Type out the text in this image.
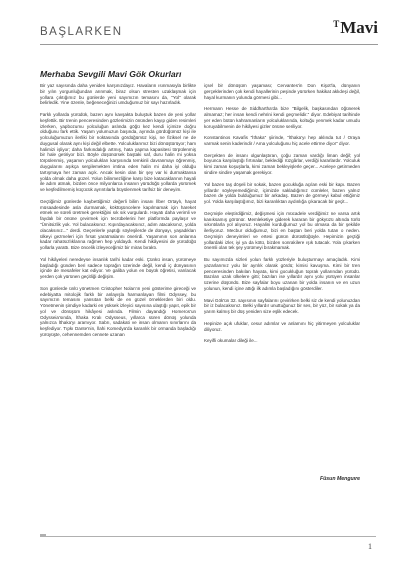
BAŞLARKEN
T Mavi
Merhaba Sevgili Mavi Gök Okurları

Bir yaz sayısında daha yeniden karşınızdayız. Havaların ısınmasıyla birlikte bir yılın yorgunluğundan arınmak, biraz olsun stresten uzaklaşmak için yollara çıktığımız bu günlerde yeni sayımızın temasını da, "Yol" olarak belirledik. Yine özenle, beğeneceğinizi umduğumuz bir sayı hazırladık.

Farklı yollarda yürüdük, bazen aynı kavşakta buluştuk bazen de yeni yollar keşfettik. Bir trenin penceresinden gözlerimizin önünden kayıp giden resimleri izlerken, yapbozumu yolculuğun aslında göğü kez kendi içimize doğru olduğunu fark ettik. Yaşam yolumuzun başında, ayrında gördüğümüz kişi ile yolculuğumuzun ilerliki bir noktasında gördüğümüz kişi, ne fiziksel ne de duygusal olarak aynı kişi değil elbette. Yolculuklarımız bizi dönüştürüyor; ham halimizi işliyor; daha farkındalığı artmış, hata yapma kapasitesi törpülenmiş bir hale getiriyor bizi. Böyle düşünürsek baştaki saf, duru halin mi yoksa törpülenmiş, yaşamın yolculukları karşısında temkinli davranmayı öğrenmiş, duygularını aşıkça sergilemekten imtina eden halin mi daha iyi olduğu tartışmaya her zaman açık. Ancak kesin olan bir şey var ki durmaktansa yolda olmak daha güzel. Yolun bilinmezliğine karşı bize katacaklarının hayali ile adım atmak, bizden önce milyonlarca insanın yürüdüğü yollarda yürümek ve keşfedilmemiş küçücük ayrıntılarla büyülenmek tarifsiz bir deneyim.

Geçtiğimiz günlerde kaybettiğimiz değerli bilim insanı İlber Ortaylı, hayat müsaadesinde asla durmamak, köktüşüncelere kapılmamak için hareket etmek ve süreli üretmek gerektiğini sık sık vurgulardı. Hayatı daha verimli ve faydalı bir önüne çevirmek için tecrübelerini her platformda paylaşır ve "Ümitsizlik yok. Yol bulacaksınız. Kıpırdayacaksınız, adım atacaksınız, yolda olacaksınız..." derdi. Geçenlerle yaptığı söyleşilerde de dünyayı, yaşadıkları ülkeyi gezmeleri için fırsat yaratmalarını önerirdi. Yaşamının son anlarına kadar rahatsızlıklarına rağmen hep yoldaydı. Kendi hikâyesini de yürüdüğü yollarla yarattı. Bize öncelik izleyeceğimiz bir miras bıraktı.

Yol hikâyeleri neredeyse insanlık tarihi kadar eski. Çünkü insan, yürümeye başladığı günden beri sadece toprağın üzerinde değil, kendi iç dünyasının içinde de mesafeler kat ediyor. Ve galiba yolun en büyük öğretisi, varılacak yerden çok yürünen geçitliği değişim.

Son günlerde ünlü yönetmen Cristopher Nolan'ın yeni gösterime gireceği ve edebiyatta mitolojik farklı bir anlayışla harmanlayan filmi Odyssey, bu sayımızın temasını yansıtan belki de en güzel örneklerden biri oldu. Yönetmenin şimdiye kadarki en yüksek izleyici sayısına ulaştığı yapıt, epik bir yol ve dönüşüm hikâyesi aslında. Filmin dayandığı Homeros'un Odysseia'sında, İthaka Kralı Odysseus, yıllarca süren dönüş yolunda yalnızca İthaka'yı aramıyor. Sabrı, sadakati ve insan olmanın sınırlarını da keşfediyor. Tıpkı Dante'nin, İlahi Komedya'da karanlık bir ormanda başladığı yürüyüşte, cehennemden cennete uzanan

içsel bir dönüşüm yaşaması; Cervantes'in Don Kişot'la, dünyanın gerçeklerinden çok kendi hayallerinin peşinde yürürken hakikat aklıdeşi değil, hayal kurmanın yolunda görmesi gibi...

Hermann Hesse de Siddhartha'da bize "Bilgelik, başkasından öğünerek almamaz; her insan kendi nehrini kendi geçmelidir." diyor. Edebiyat tarihinde yer eden bütün kahramanların yolculuklarında, koltuğu yenmek kadar umudu koruyabilmenin de hikâyesi gizler önüne seriliyor.

Konstantinos Kavafis "İthaka" şiirinde, "İthaka'yı hep aklında tut / Oraya varmak senin kaderindir / Ama yolculuğunu hiç acele ettirme diyor" diyor.

Gerçekten de insanı olgunlaştıran, çoğu zaman vardığı liman değil; yol boyunca karşılaştığı fırtınalar, beklediği rüzgârlar, verdiği kararlardır. Yolculuk kimi zaman koşuşlarla, kimi zaman bekleyişlerle geçer... Aceleye getirmeden sindire sindire yaşamak gerekiyor.

Yol bazen taş döşeli bir sokak, bazen gocukluğa açılan eski bir kapı. Bazen yıllardır söyleyemediğimiz, içimizde sakladığımız cümleler, bazen yalnız bazen de yolda bulduğumuz bir arkadaş. Bazen de görmeyi kabul ettiğimiz yol. Yolda karşılaştığımız, bizi karanlıktan aydınlığa çıkaracak bir geçit...

Geçmişle eleştirdiğimiz, değişmesi için mücadele verdiğimiz ne varsa artık kanıksamış görünür. Memleketiye giderek kararan bir gökyüzü altında türlü sıkıntılarla yol alıyoruz. Hayalini kurduğumuz yol bu olmasa da bir şekilde ilerliyoruz. Mecbur olduğumuz, bizi en baştan beri yolda tutan o neden. Geçmişin deneyimleri ve ertesi günün dürüstlüğüyle. Hepimizin geçtiği yollardaki izler, iyi ya da kötü, bizden sonrakilere ışık tutacak. Yola çıkarken önemli olan tek şey yürümeyi bırakmamak.

Bu sayımızda sizleri yolun farklı yüzleriyle buluşturmayı amaçladık. Kimi yazarlarımız yolu bir ayrılık olarak gördü; kimisi kavuşma. Kimi bir tren penceresinden bakılan hayata, kimi gocukluğun toprak yollarından yürüdü. Bazıları uzak ülkelere gitti; bazıları ise yıllardır aynı yolu yürüyen insanlar üzerine düşündü. Bize sayfalar boyu uzanan bir yolda insanın ve en uzun yolunun, kendi içine attığı ilk adımla başladığını gösterdiler.

Mavi Gök'ün 32. sayısının sayfalarını çevirirken belki siz de kendi yolunuzdan bir iz bulacaksınız. Belki yıllardır unuttuğunuz bir ses, bir yüz, bir sokak ya da yarım kalmış bir düş yeniden size eşlik edecek.

Hepinize açık ufuklar, cesur adımlar ve anlamını hiç yitirmeyen yolculuklar diliyoruz.

Keyifli okumalar dileği ile...

Füsun Menguıre
1
